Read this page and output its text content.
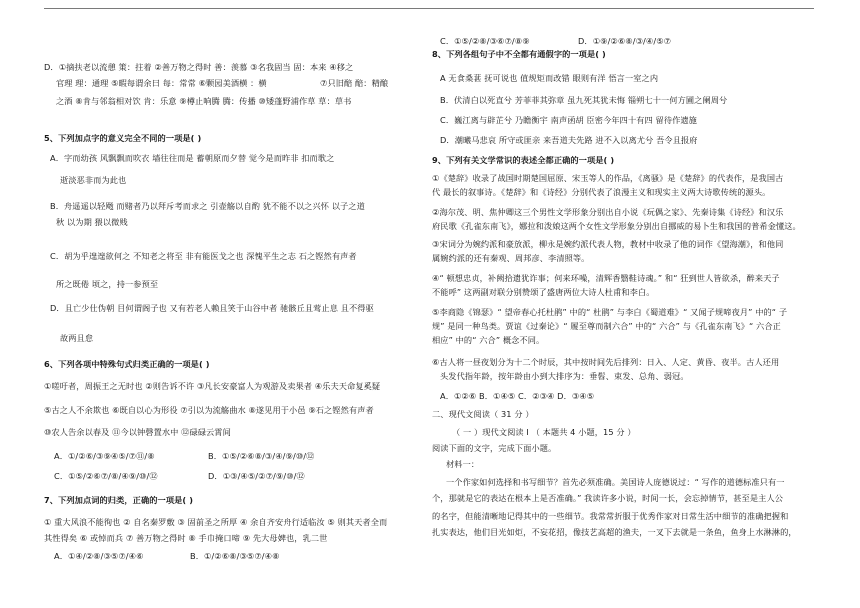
D．①摘扶老以流憩 策：拄着 ②善万物之得时 善：羡慕 ③名我固当 固：本来 ④移之
官理 理：通理 ⑤暇每谓余曰 每：常常 ⑥颗园美酒横 ：横	⑦只旧醅 醅：精酿
之酒 ⑧肯与邻翁相对饮 肯：乐意 ⑨樽止响腾 腾：传播 ⑩矮蓬野浦作草 草：草书
5、下列加点字的意义完全不同的一项是( )
A．字而幼孩 风飘飘而吹衣 墙往往而是 蓄朝原而夕替 觉今是而昨非 扣而歌之
逝淡恶非而为此也
B．舟遥遥以轻飏 而赌者乃以拜斥考而求之 引壶觞以自酌 犹不能不以之兴怀 以子之道
秋 以为期 猥以微贱
C．胡为乎遑遑欲何之 不知老之将至 非有能医戈之也 深愧平生之志 石之铿然有声者
所之既倦 顷之，持一参预至
D．且亡少仕伪朝 目何谓阁子也 又有若老人赖且笑于山谷中者 驰骸丘且莺止息 且不得驱
故两且怠
6、下列各项中特殊句式归类正确的一项是( )
①嗟吁者，周振王之无时也 ②则告诉不许 ③凡长安豪富人为观游及卖果者 ④乐夫天命复奚疑
⑤古之人不余欺也 ⑥既自以心为形役 ⑦引以为流觞曲水 ⑧遂见用于小邑 ⑨石之铿然有声者
⑩农人告余以春及 ⑪今以钟磬置水中 ⑫碌碌云霄间
A．①/②⑥/③⑨④⑤/⑦⑪/⑧	B．①⑤/②⑥⑧/③/④/⑨/⑩/⑫
C．①⑤/②⑥⑦/⑧/④⑨/⑩/⑫	D．①③/④⑤/②⑦/⑨/⑩/⑫
7、下列加点词的归类，正确的一项是( )
① 重大风浪不能徇也 ② 自名秦罗敷 ③ 固前圣之所厚 ④ 余自齐安舟行适临汝 ⑤ 则其天者全而
其性得矣 ⑥ 或悼而兵 ⑦ 善万物之得时 ⑧ 手巾掩口啼 ⑨ 先大母婢也，乳二世
A．①④/②⑧/③⑤⑦/④⑥	B．①/②⑥⑧/③⑤⑦/④⑧
C．①⑤/②⑧/③⑥⑦/⑧⑨	D．①⑨/②⑥⑧/③/④/⑤⑦
8、下列各组句子中不全都有通假字的一项是( )
A 无食桑葚 抚可说也 值规矩而改错 眼则有洋 悟言一室之内
B．伏清白以死直兮 芳菲菲其弥章 虽九死其犹未悔 锱朔七十一何方圃之阑周兮
C．巍江离与辟芷兮 乃瞻衡宇 南声函胡 臣密今年四十有四 留待作遗施
D．潮曦马悲哀 所守或匪亲 来吾道夫先路 进不入以离尤兮 吾令且报府
9、下列有关文学常识的表述全都正确的一项是( )
①《楚辞》收录了战国时期楚国屈原、宋玉等人的作品，《离骚》是《楚辞》的代表作，是我国古
代 最长的叙事诗。《楚辞》和《诗经》分别代表了浪漫主义和现实主义两大诗歌传统的源头。
②海尔茂、明、焦仲卿这三个男性文学形象分别出自小说《玩偶之家》、先秦诗集《诗经》和汉乐
府民歌《孔雀东南飞》，娜拉和泼娘这两个女性文学形象分别出自挪威的易卜生和我国的普希金懂这。
③宋词分为婉约派和豪放派，柳永是婉约派代表人物，教材中收录了他的词作《望海潮》，和他同
属婉约派的还有秦观、周邦彦、李清照等。
④“ 顿想忠贞，补阙拾遗犹诈事；何来环噪，清辉香翳鞋诗魂。” 和“ 狂到世人皆欲杀，醉来天子
不能呼” 这两副对联分别赞颂了盛唐两位大诗人杜甫和李白。
⑤李商隐《锦瑟》“ 望帝春心托杜鹃” 中的“ 杜鹃” 与李白《蜀道难》“ 又闻子规啼夜月” 中的“ 子
规” 是同一种鸟类。贾谊《过秦论》“ 履至尊而制六合” 中的“ 六合” 与《孔雀东南飞》“ 六合正
相应” 中的“ 六合” 概念不同。
⑥古人将一昼夜划分为十二个时辰，其中按时间先后排列：日入、人定、黄昏、夜半。古人还用
头发代指年龄，按年龄由小到大排序为：垂髫、束发、总角、弱冠。
A．①②⑥ B．①④⑤ C．②③④ D．③④⑤
二、现代文阅读（ 31 分 ）
（ 一 ）现代文阅读 Ⅰ （ 本题共 4 小题，15 分 ）
阅读下面的文字，完成下面小题。
材料一：
一个作家如何选择和书写细节？首先必须准确。美国诗人庞德说过：“ 写作的道德标准只有一
个，那就是它的表达在根本上是否准确。” 我读许多小说，时间一长，会忘掉情节，甚至是主人公
的名字，但能清晰地记得其中的一些细节。我常常折服于优秀作家对日常生活中细节的准确把握和
扎实表达，他们目光如炬，不妄花招，像技艺高超的渔夫，一叉下去就是一条鱼，鱼身上水淋淋的，
